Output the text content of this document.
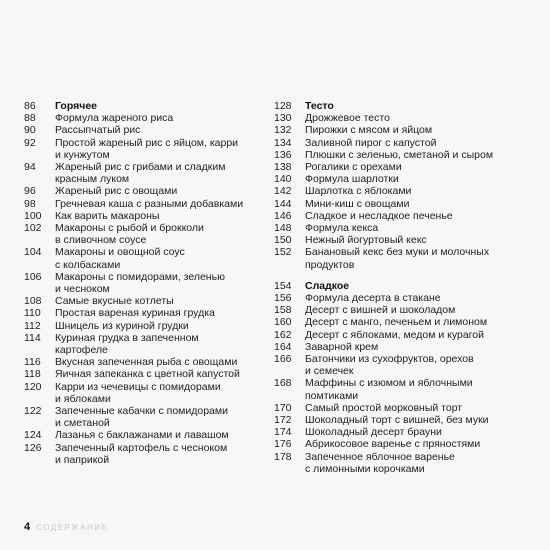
86	Горячее
88	Формула жареного риса
90	Рассыпчатый рис
92	Простой жареный рис с яйцом, карри
и кунжутом
94	Жареный рис с грибами и сладким
красным луком
96	Жареный рис с овощами
98	Гречневая каша с разными добавками
100	Как варить макароны
102	Макароны с рыбой и брокколи
в сливочном соусе
104	Макароны и овощной соус
с колбасками
106	Макароны с помидорами, зеленью
и чесноком
108	Самые вкусные котлеты
110	Простая вареная куриная грудка
112	Шницель из куриной грудки
114	Куриная грудка в запеченном
картофеле
116	Вкусная запеченная рыба с овощами
118	Яичная запеканка с цветной капустой
120	Карри из чечевицы с помидорами
и яблоками
122	Запеченные кабачки с помидорами
и сметаной
124	Лазанья с баклажанами и лавашом
126	Запеченный картофель с чесноком
и паприкой
128	Тесто
130	Дрожжевое тесто
132	Пирожки с мясом и яйцом
134	Заливной пирог с капустой
136	Плюшки с зеленью, сметаной и сыром
138	Рогалики с орехами
140	Формула шарлотки
142	Шарлотка с яблоками
144	Мини-киш с овощами
146	Сладкое и несладкое печенье
148	Формула кекса
150	Нежный йогуртовый кекс
152	Банановый кекс без муки и молочных
продуктов
154	Сладкое
156	Формула десерта в стакане
158	Десерт с вишней и шоколадом
160	Десерт с манго, печеньем и лимоном
162	Десерт с яблоками, медом и курагой
164	Заварной крем
166	Батончики из сухофруктов, орехов
и семечек
168	Маффины с изюмом и яблочными
помтиками
170	Самый простой морковный торт
172	Шоколадный торт с вишней, без муки
174	Шоколадный десерт брауни
176	Абрикосовое варенье с пряностями
178	Запеченное яблочное варенье
с лимонными корочками
4 СОДЕРЖАНИЕ
